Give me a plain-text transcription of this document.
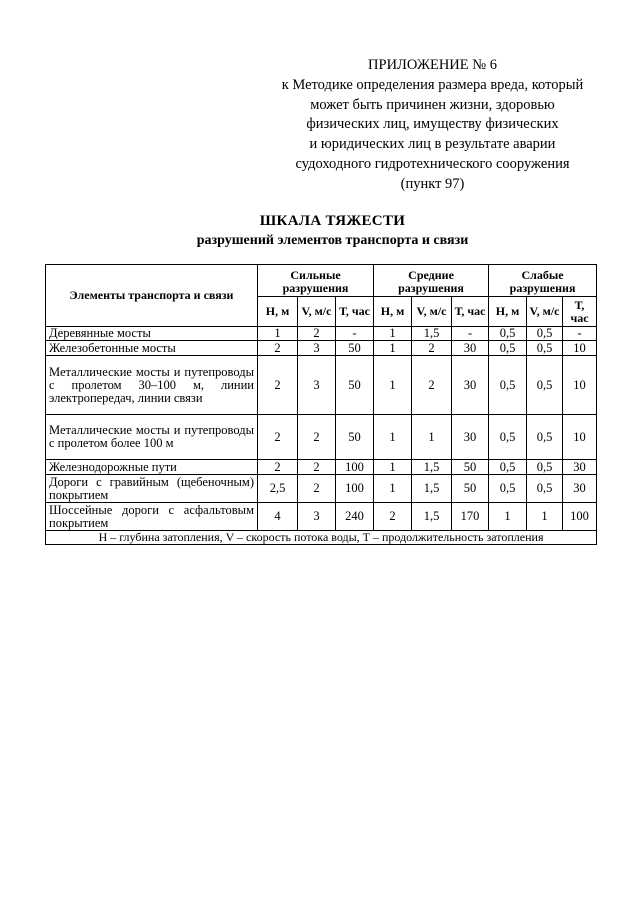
ПРИЛОЖЕНИЕ № 6
к Методике определения размера вреда, который
может быть причинен жизни, здоровью
физических лиц, имуществу физических
и юридических лиц в результате аварии
судоходного гидротехнического сооружения
(пункт 97)
ШКАЛА ТЯЖЕСТИ
разрушений элементов транспорта и связи
Элементы транспорта и связи	Сильные разрушения			Средние разрушения			Слабые разрушения		
	Н, м	V, м/с	Т, час	Н, м	V, м/с	Т, час	Н, м	V, м/с	Т, час
Деревянные мосты	1	2	-	1	1,5	-	0,5	0,5	-
Железобетонные мосты	2	3	50	1	2	30	0,5	0,5	10
Металлические мосты и путепроводы с пролетом 30–100 м, линии электропередач, линии связи	2	3	50	1	2	30	0,5	0,5	10
Металлические мосты и путепроводы с пролетом более 100 м	2	2	50	1	1	30	0,5	0,5	10
Железнодорожные пути	2	2	100	1	1,5	50	0,5	0,5	30
Дороги с гравийным (щебеночным) покрытием	2,5	2	100	1	1,5	50	0,5	0,5	30
Шоссейные дороги с асфальтовым покрытием	4	3	240	2	1,5	170	1	1	100
Н – глубина затопления, V – скорость потока воды, Т – продолжительность затопления									
